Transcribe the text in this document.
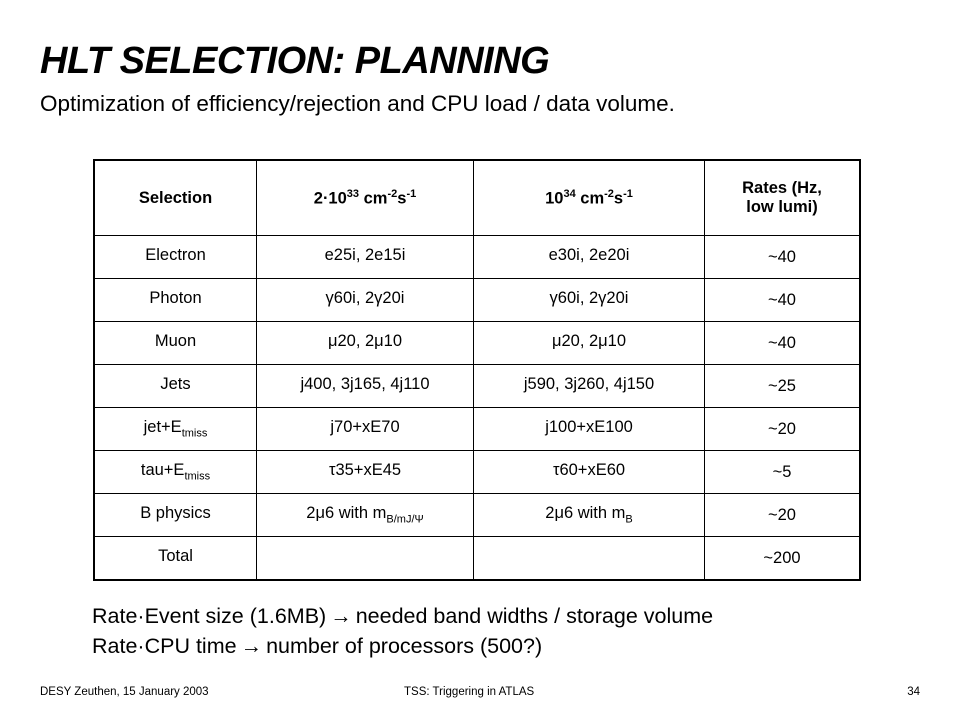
HLT SELECTION: PLANNING
Optimization of efficiency/rejection and CPU load / data volume.
Selection	$2\cdot 10^{33}$ $cm^{-2}s^{-1}$	$10^{34}$ $cm^{-2}s^{-1}$	Rates (Hz,
low lumi)
Electron	e25i, 2e15i	e30i, 2e20i	~40
Photon	γ60i, 2γ20i	γ60i, 2γ20i	~40
Muon	μ20, 2μ10	μ20, 2μ10	~40
Jets	j400, 3j165, 4j110	j590, 3j260, 4j150	~25
$jet+E_{tmiss}$	j70+xE70	j100+xE100	~20
$tau+E_{tmiss}$	τ35+xE45	τ60+xE60	~5
B physics	2μ6 with $m_{B/mJ/\Psi}$	2μ6 with $m_B$	~20
Total			~200
Rate·Event size (1.6MB) → needed band widths / storage volume
Rate·CPU time → number of processors (500?)
DESY Zeuthen, 15 January 2003	TSS: Triggering in ATLAS	34
